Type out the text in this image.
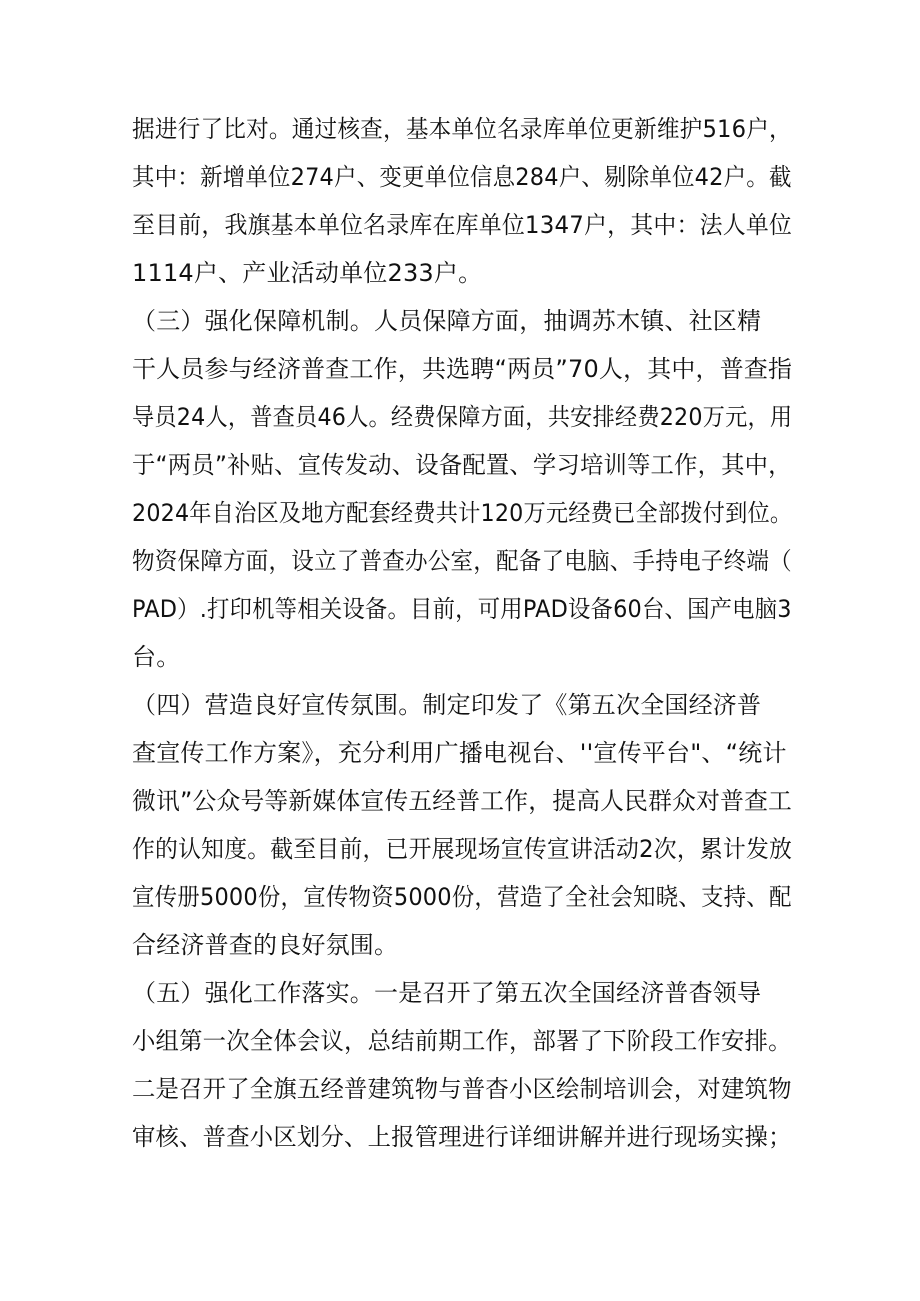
据进行了比对。通过核查，基本单位名录库单位更新维护516户，
其中：新增单位274户、变更单位信息284户、剔除单位42户。截
至目前，我旗基本单位名录库在库单位1347户，其中：法人单位
1114户、产业活动单位233户。
（三）强化保障机制。人员保障方面，抽调苏木镇、社区精
干人员参与经济普查工作，共选聘“两员”70人，其中，普查指
导员24人，普查员46人。经费保障方面，共安排经费220万元，用
于“两员”补贴、宣传发动、设备配置、学习培训等工作，其中，
2024年自治区及地方配套经费共计120万元经费已全部拨付到位。
物资保障方面，设立了普查办公室，配备了电脑、手持电子终端（
PAD）.打印机等相关设备。目前，可用PAD设备60台、国产电脑3
台。
（四）营造良好宣传氛围。制定印发了《第五次全国经济普
查宣传工作方案》，充分利用广播电视台、''宣传平台"、“统计
微讯”公众号等新媒体宣传五经普工作，提高人民群众对普查工
作的认知度。截至目前，已开展现场宣传宣讲活动2次，累计发放
宣传册5000份，宣传物资5000份，营造了全社会知晓、支持、配
合经济普查的良好氛围。
（五）强化工作落实。一是召开了第五次全国经济普杳领导
小组第一次全体会议，总结前期工作，部署了下阶段工作安排。
二是召开了全旗五经普建筑物与普杳小区绘制培训会，对建筑物
审核、普查小区划分、上报管理进行详细讲解并进行现场实操；
